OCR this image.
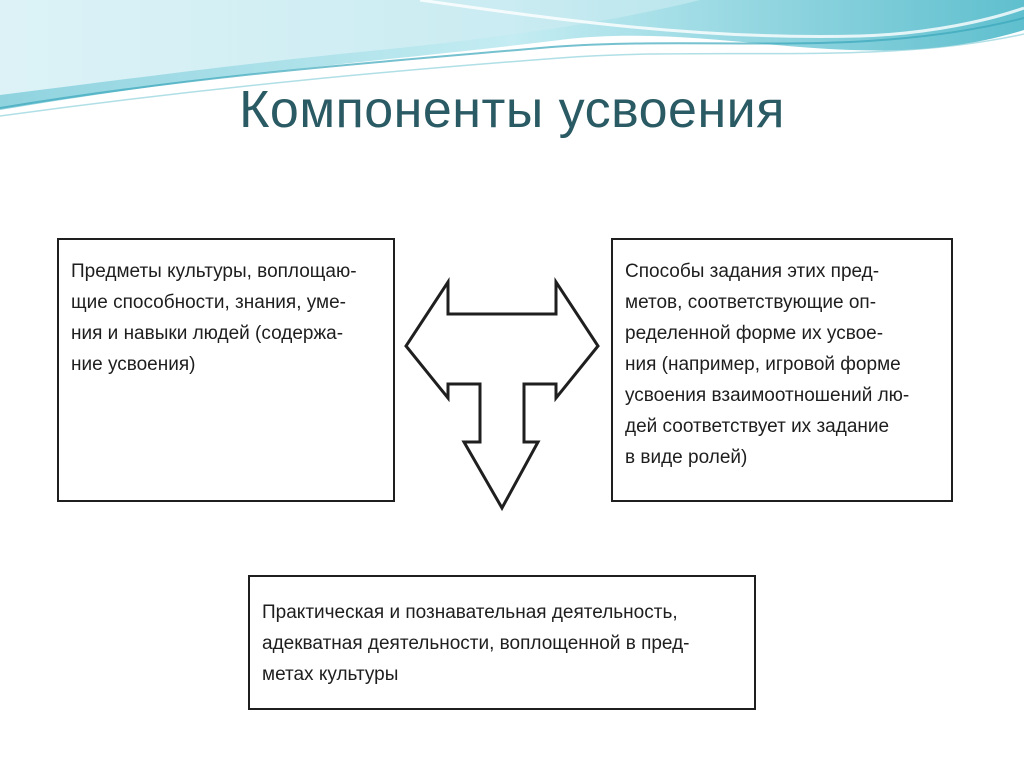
Компоненты усвоения

Предметы культуры, воплощаю-
щие способности, знания, уме-
ния и навыки людей (содержа-
ние усвоения)

Способы задания этих пред-
метов, соответствующие оп-
ределенной форме их усвое-
ния (например, игровой форме
усвоения взаимоотношений лю-
дей соответствует их задание
в виде ролей)

Практическая и познавательная деятельность,
адекватная деятельности, воплощенной в пред-
метах культуры
